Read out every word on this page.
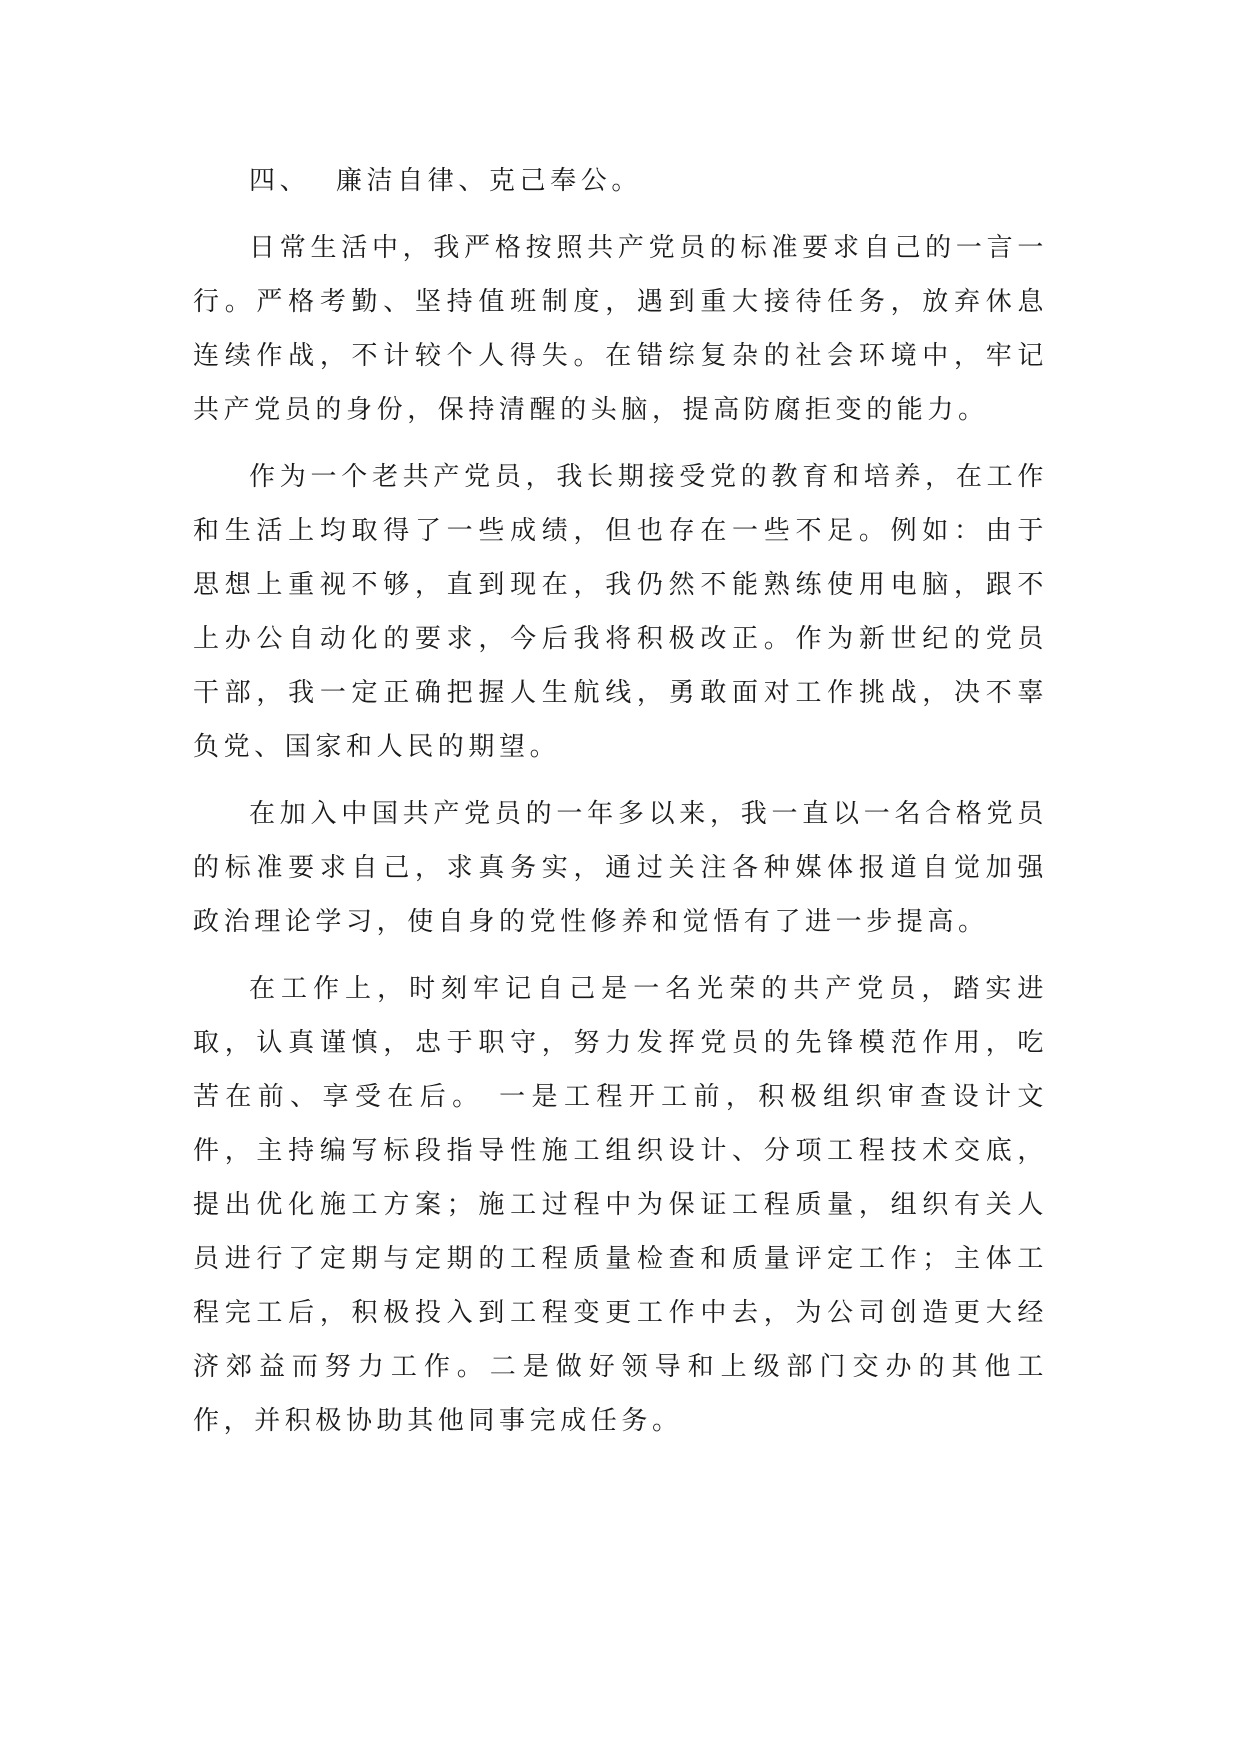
四、  廉洁自律、克己奉公。

日常生活中，我严格按照共产党员的标准要求自己的一言一行。严格考勤、坚持值班制度，遇到重大接待任务，放弃休息连续作战，不计较个人得失。在错综复杂的社会环境中，牢记共产党员的身份，保持清醒的头脑，提高防腐拒变的能力。

作为一个老共产党员，我长期接受党的教育和培养，在工作和生活上均取得了一些成绩，但也存在一些不足。例如：由于思想上重视不够，直到现在，我仍然不能熟练使用电脑，跟不上办公自动化的要求，今后我将积极改正。作为新世纪的党员干部，我一定正确把握人生航线，勇敢面对工作挑战，决不辜负党、国家和人民的期望。

在加入中国共产党员的一年多以来，我一直以一名合格党员的标准要求自己，求真务实，通过关注各种媒体报道自觉加强政治理论学习，使自身的党性修养和觉悟有了进一步提高。

在工作上，时刻牢记自己是一名光荣的共产党员，踏实进取，认真谨慎，忠于职守，努力发挥党员的先锋模范作用，吃苦在前、享受在后。 一是工程开工前，积极组织审查设计文件，主持编写标段指导性施工组织设计、分项工程技术交底，提出优化施工方案；施工过程中为保证工程质量，组织有关人员进行了定期与定期的工程质量检查和质量评定工作；主体工程完工后，积极投入到工程变更工作中去，为公司创造更大经济郊益而努力工作。二是做好领导和上级部门交办的其他工作，并积极协助其他同事完成任务。
